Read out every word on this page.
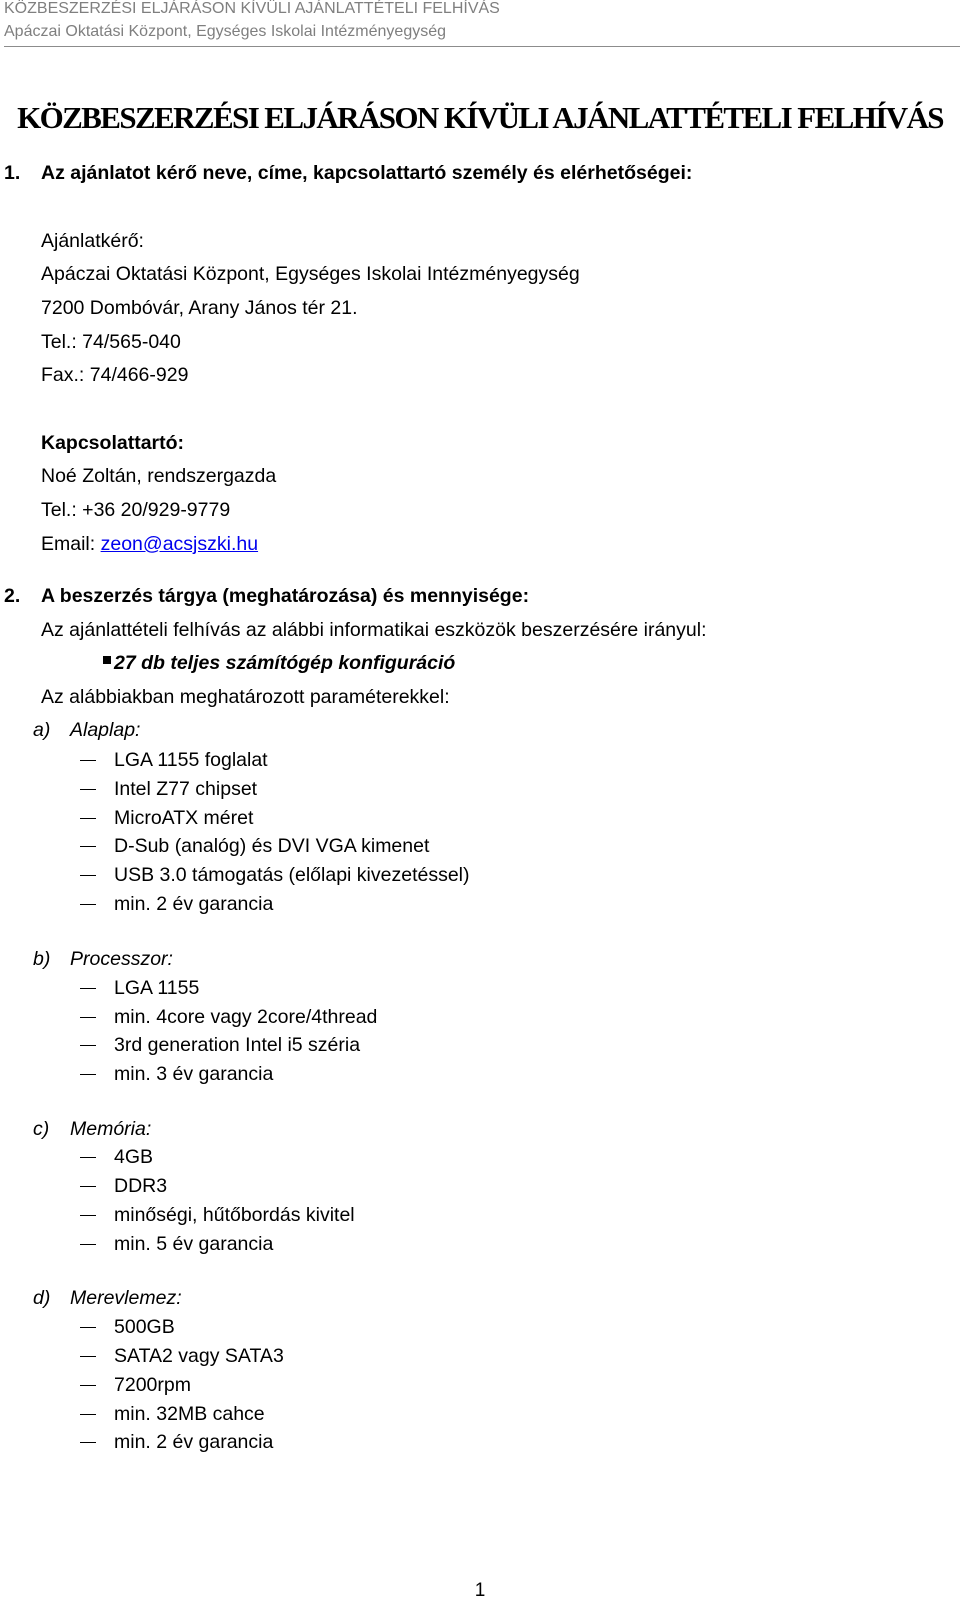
KÖZBESZERZÉSI ELJÁRÁSON KÍVÜLI AJÁNLATTÉTELI FELHÍVÁS
Apáczai Oktatási Központ, Egységes Iskolai Intézményegység
KÖZBESZERZÉSI ELJÁRÁSON KÍVÜLI AJÁNLATTÉTELI FELHÍVÁS
1. Az ajánlatot kérő neve, címe, kapcsolattartó személy és elérhetőségei:
Ajánlatkérő:
Apáczai Oktatási Központ, Egységes Iskolai Intézményegység
7200 Dombóvár, Arany János tér 21.
Tel.: 74/565-040
Fax.: 74/466-929
Kapcsolattartó:
Noé Zoltán, rendszergazda
Tel.: +36 20/929-9779
Email: zeon@acsjszki.hu
2. A beszerzés tárgya (meghatározása) és mennyisége:
Az ajánlattételi felhívás az alábbi informatikai eszközök beszerzésére irányul:
27 db teljes számítógép konfiguráció
Az alábbiakban meghatározott paraméterekkel:
a) Alaplap:
LGA 1155 foglalat
Intel Z77 chipset
MicroATX méret
D-Sub (analóg) és DVI VGA kimenet
USB 3.0 támogatás (előlapi kivezetéssel)
min. 2 év garancia
b) Processzor:
LGA 1155
min. 4core vagy 2core/4thread
3rd generation Intel i5 széria
min. 3 év garancia
c) Memória:
4GB
DDR3
minőségi, hűtőbordás kivitel
min. 5 év garancia
d) Merevlemez:
500GB
SATA2 vagy SATA3
7200rpm
min. 32MB cahce
min. 2 év garancia
1
